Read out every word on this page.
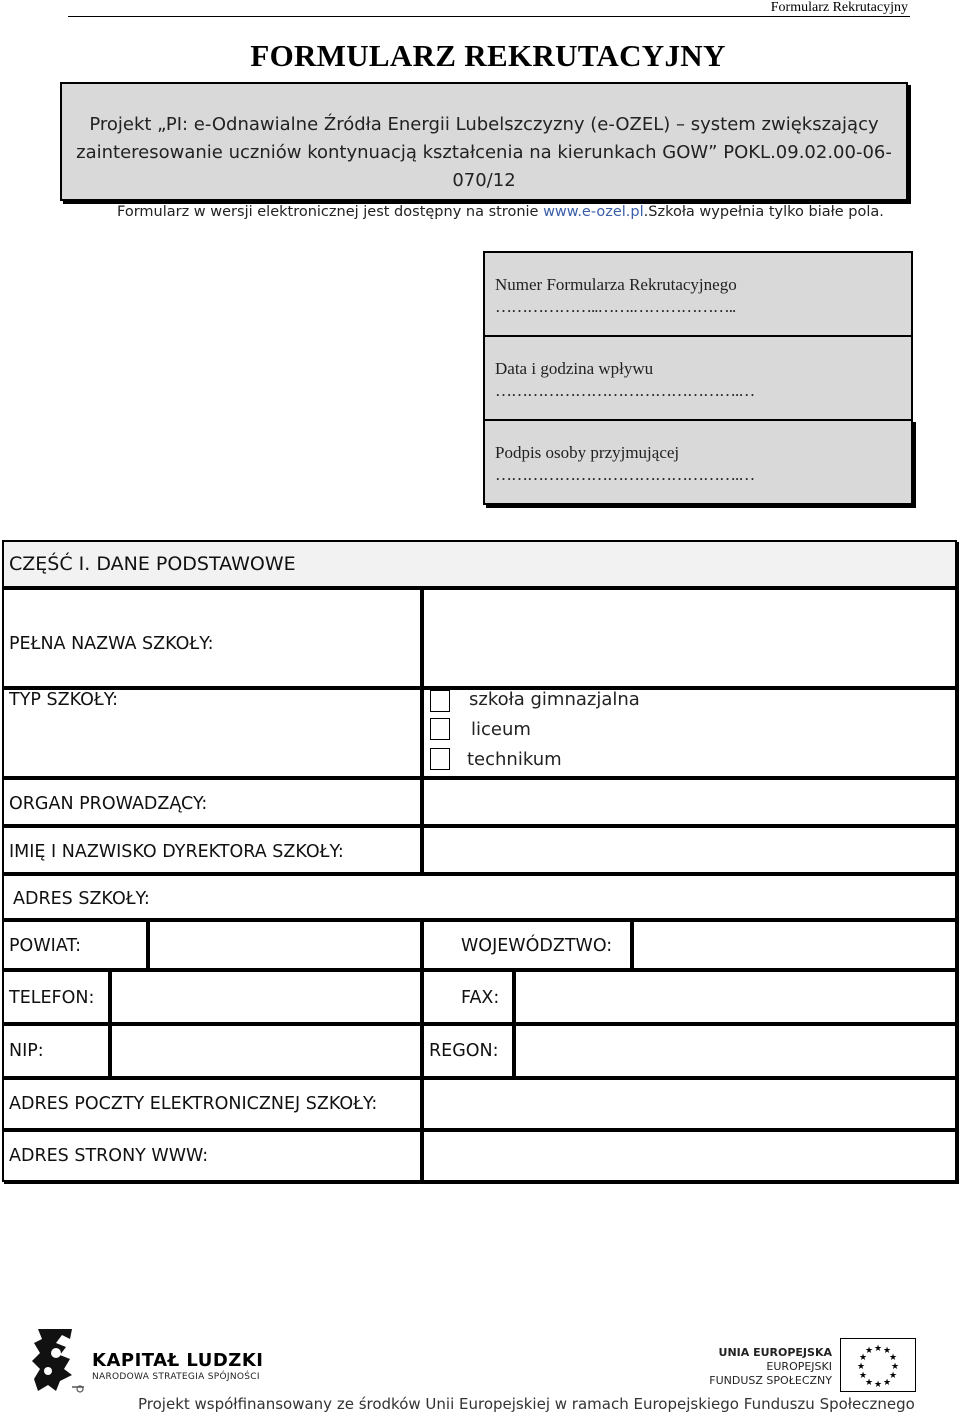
Formularz Rekrutacyjny
FORMULARZ REKRUTACYJNY
Projekt „PI: e-Odnawialne Źródła Energii Lubelszczyzny (e-OZEL) – system zwiększający
zainteresowanie uczniów kontynuacją kształcenia na kierunkach GOW” POKL.09.02.00-06-070/12
Formularz w wersji elektronicznej jest dostępny na stronie www.e-ozel.pl.Szkoła wypełnia tylko białe pola.
Numer Formularza Rekrutacyjnego
………………..…….………………..
Data i godzina wpływu
……………………………………….…
Podpis osoby przyjmującej
……………………………………….…
CZĘŚĆ I. DANE PODSTAWOWE
PEŁNA NAZWA SZKOŁY:
TYP SZKOŁY:	szkoła gimnazjalna
liceum
technikum
ORGAN PROWADZĄCY:
IMIĘ I NAZWISKO DYREKTORA SZKOŁY:
ADRES SZKOŁY:
POWIAT:	WOJEWÓDZTWO:
TELEFON:	FAX:
NIP:	REGON:
ADRES POCZTY ELEKTRONICZNEJ SZKOŁY:
ADRES STRONY WWW:
KAPITAŁ LUDZKI
NARODOWA STRATEGIA SPÓJNOŚCI
UNIA EUROPEJSKA
EUROPEJSKI
FUNDUSZ SPOŁECZNY
★ ★
★
★
★
★
★
★
★
★
★
★
Projekt współfinansowany ze środków Unii Europejskiej w ramach Europejskiego Funduszu Społecznego
